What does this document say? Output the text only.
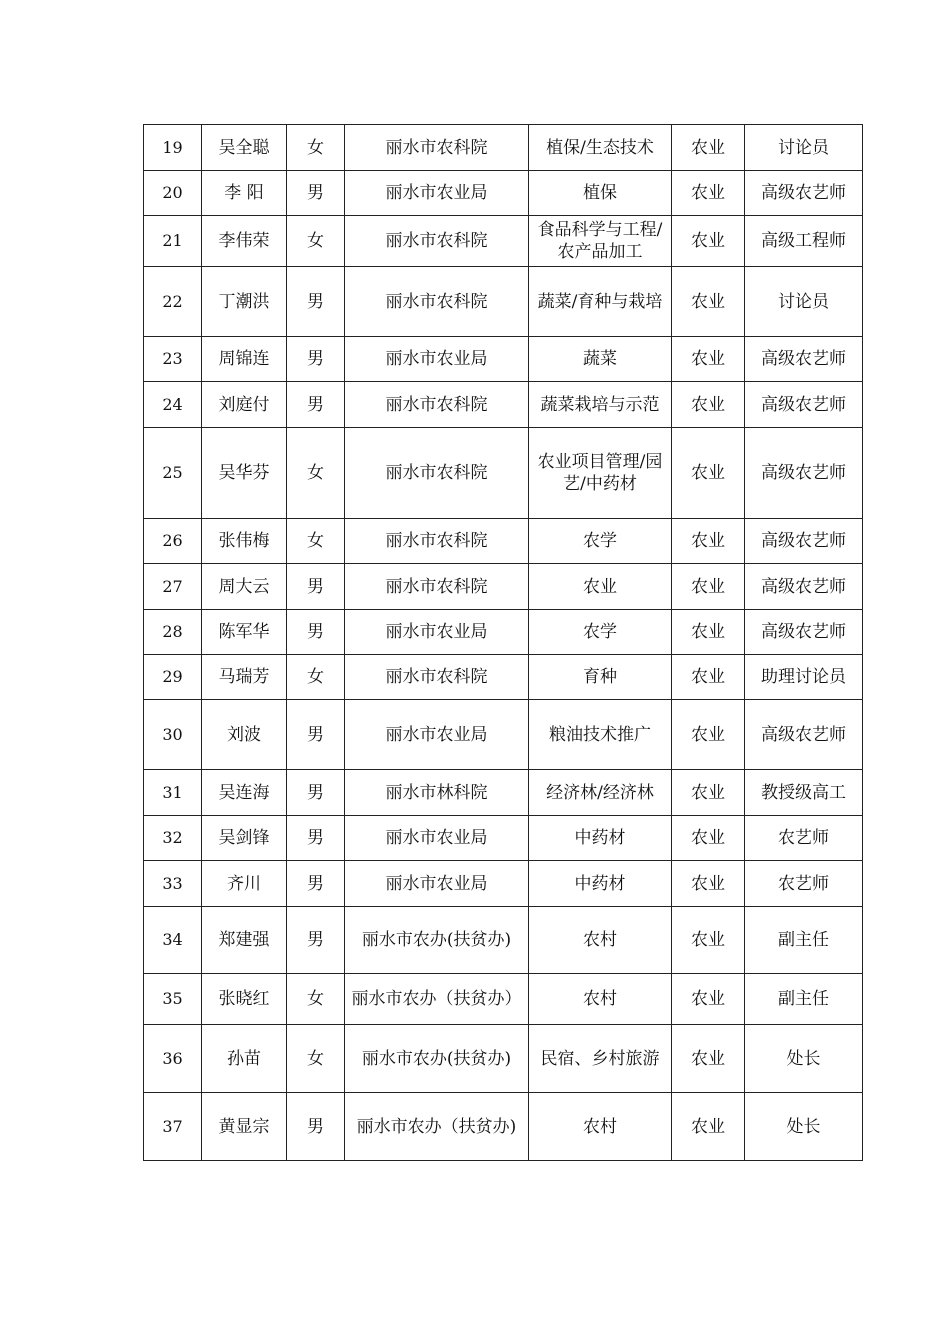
19	吴全聪	女	丽水市农科院	植保/生态技术	农业	讨论员
20	李 阳	男	丽水市农业局	植保	农业	高级农艺师
21	李伟荣	女	丽水市农科院	食品科学与工程/农产品加工	农业	高级工程师
22	丁潮洪	男	丽水市农科院	蔬菜/育种与栽培	农业	讨论员
23	周锦连	男	丽水市农业局	蔬菜	农业	高级农艺师
24	刘庭付	男	丽水市农科院	蔬菜栽培与示范	农业	高级农艺师
25	吴华芬	女	丽水市农科院	农业项目管理/园艺/中药材	农业	高级农艺师
26	张伟梅	女	丽水市农科院	农学	农业	高级农艺师
27	周大云	男	丽水市农科院	农业	农业	高级农艺师
28	陈军华	男	丽水市农业局	农学	农业	高级农艺师
29	马瑞芳	女	丽水市农科院	育种	农业	助理讨论员
30	刘波	男	丽水市农业局	粮油技术推广	农业	高级农艺师
31	吴连海	男	丽水市林科院	经济林/经济林	农业	教授级高工
32	吴剑锋	男	丽水市农业局	中药材	农业	农艺师
33	齐川	男	丽水市农业局	中药材	农业	农艺师
34	郑建强	男	丽水市农办(扶贫办)	农村	农业	副主任
35	张晓红	女	丽水市农办（扶贫办）	农村	农业	副主任
36	孙苗	女	丽水市农办(扶贫办)	民宿、乡村旅游	农业	处长
37	黄显宗	男	丽水市农办（扶贫办)	农村	农业	处长
